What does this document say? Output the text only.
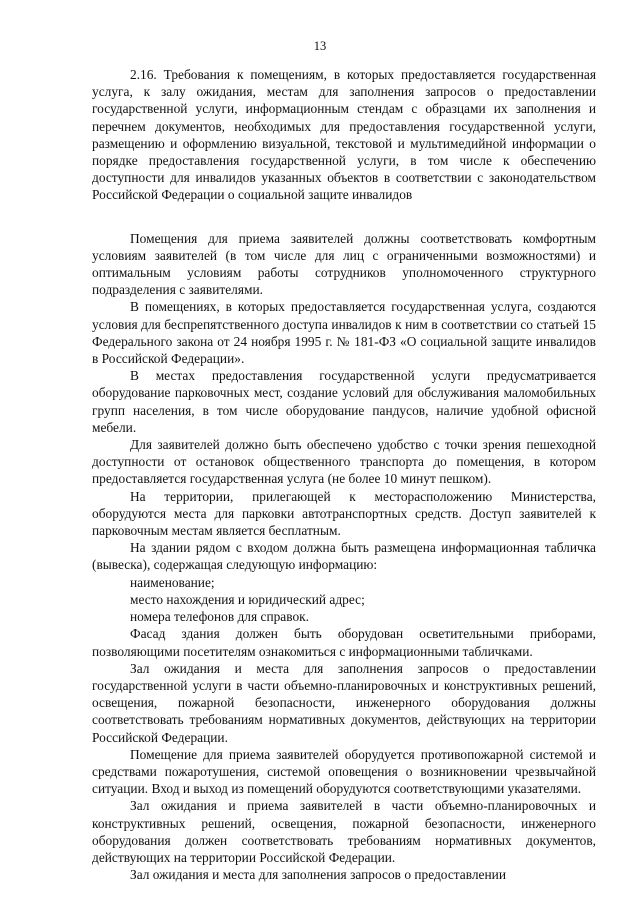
13

2.16. Требования к помещениям, в которых предоставляется государственная услуга, к залу ожидания, местам для заполнения запросов о предоставлении государственной услуги, информационным стендам с образцами их заполнения и перечнем документов, необходимых для предоставления государственной услуги, размещению и оформлению визуальной, текстовой и мультимедийной информации о порядке предоставления государственной услуги, в том числе к обеспечению доступности для инвалидов указанных объектов в соответствии с законодательством Российской Федерации о социальной защите инвалидов

Помещения для приема заявителей должны соответствовать комфортным условиям заявителей (в том числе для лиц с ограниченными возможностями) и оптимальным условиям работы сотрудников уполномоченного структурного подразделения с заявителями.

В помещениях, в которых предоставляется государственная услуга, создаются условия для беспрепятственного доступа инвалидов к ним в соответствии со статьей 15 Федерального закона от 24 ноября 1995 г. № 181-ФЗ «О социальной защите инвалидов в Российской Федерации».

В местах предоставления государственной услуги предусматривается оборудование парковочных мест, создание условий для обслуживания маломобильных групп населения, в том числе оборудование пандусов, наличие удобной офисной мебели.

Для заявителей должно быть обеспечено удобство с точки зрения пешеходной доступности от остановок общественного транспорта до помещения, в котором предоставляется государственная услуга (не более 10 минут пешком).

На территории, прилегающей к месторасположению Министерства, оборудуются места для парковки автотранспортных средств. Доступ заявителей к парковочным местам является бесплатным.

На здании рядом с входом должна быть размещена информационная табличка (вывеска), содержащая следующую информацию:

наименование;

место нахождения и юридический адрес;

номера телефонов для справок.

Фасад здания должен быть оборудован осветительными приборами, позволяющими посетителям ознакомиться с информационными табличками.

Зал ожидания и места для заполнения запросов о предоставлении государственной услуги в части объемно-планировочных и конструктивных решений, освещения, пожарной безопасности, инженерного оборудования должны соответствовать требованиям нормативных документов, действующих на территории Российской Федерации.

Помещение для приема заявителей оборудуется противопожарной системой и средствами пожаротушения, системой оповещения о возникновении чрезвычайной ситуации. Вход и выход из помещений оборудуются соответствующими указателями.

Зал ожидания и приема заявителей в части объемно-планировочных и конструктивных решений, освещения, пожарной безопасности, инженерного оборудования должен соответствовать требованиям нормативных документов, действующих на территории Российской Федерации.

Зал ожидания и места для заполнения запросов о предоставлении
